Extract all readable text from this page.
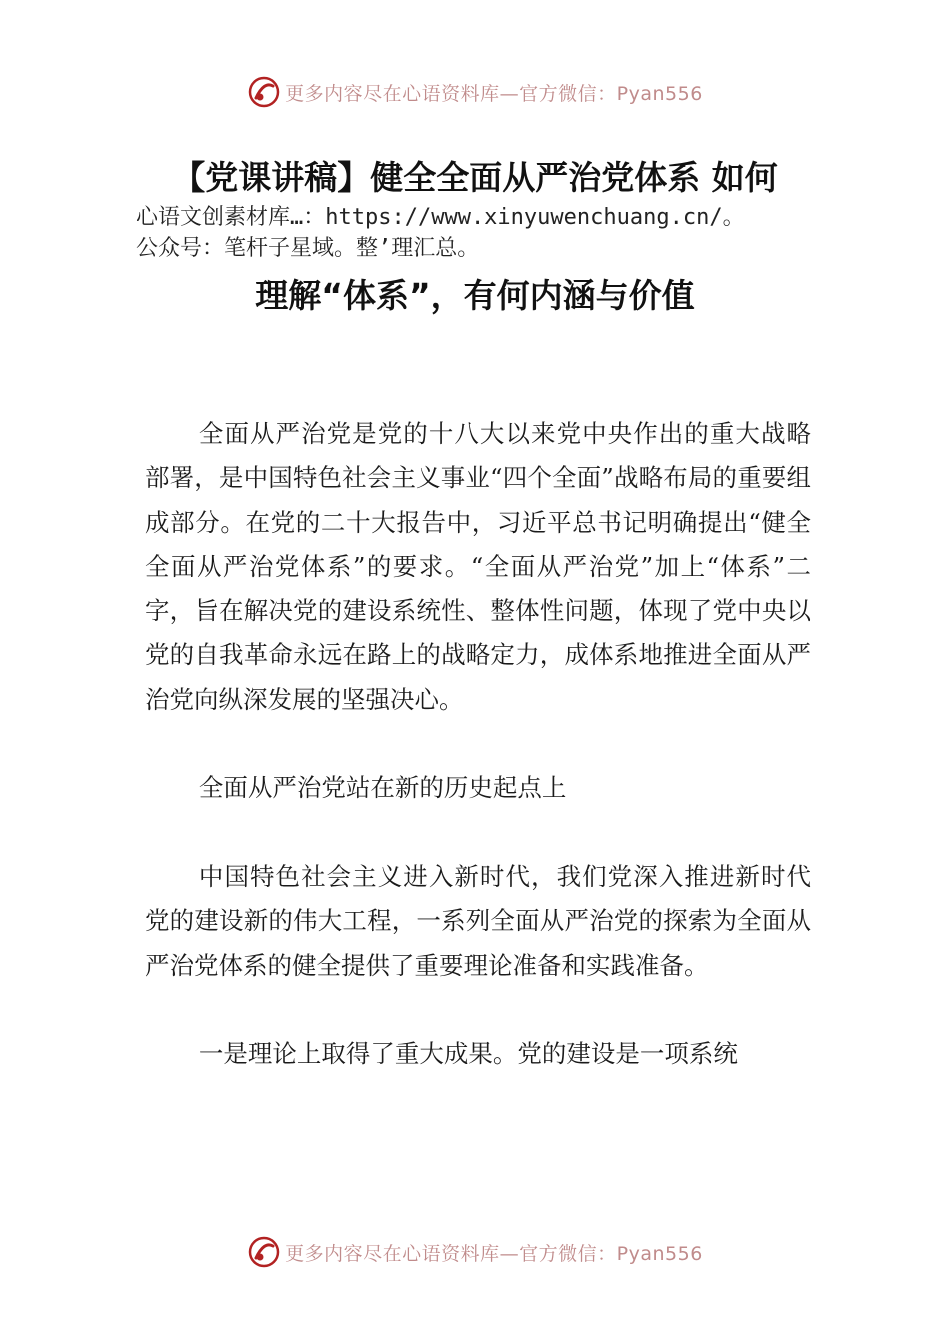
更多内容尽在心语资料库—官方微信：Pyan556
【党课讲稿】健全全面从严治党体系 如何
心语文创素材库…：https://www.xinyuwenchuang.cn/。
公众号：笔杆子星域。整’理汇总。
理解“体系”，有何内涵与价值

全面从严治党是党的十八大以来党中央作出的重大战略部署，是中国特色社会主义事业“四个全面”战略布局的重要组成部分。在党的二十大报告中，习近平总书记明确提出“健全全面从严治党体系”的要求。“全面从严治党”加上“体系”二字，旨在解决党的建设系统性、整体性问题，体现了党中央以党的自我革命永远在路上的战略定力，成体系地推进全面从严治党向纵深发展的坚强决心。

全面从严治党站在新的历史起点上

中国特色社会主义进入新时代，我们党深入推进新时代党的建设新的伟大工程，一系列全面从严治党的探索为全面从严治党体系的健全提供了重要理论准备和实践准备。

一是理论上取得了重大成果。党的建设是一项系统

更多内容尽在心语资料库—官方微信：Pyan556
